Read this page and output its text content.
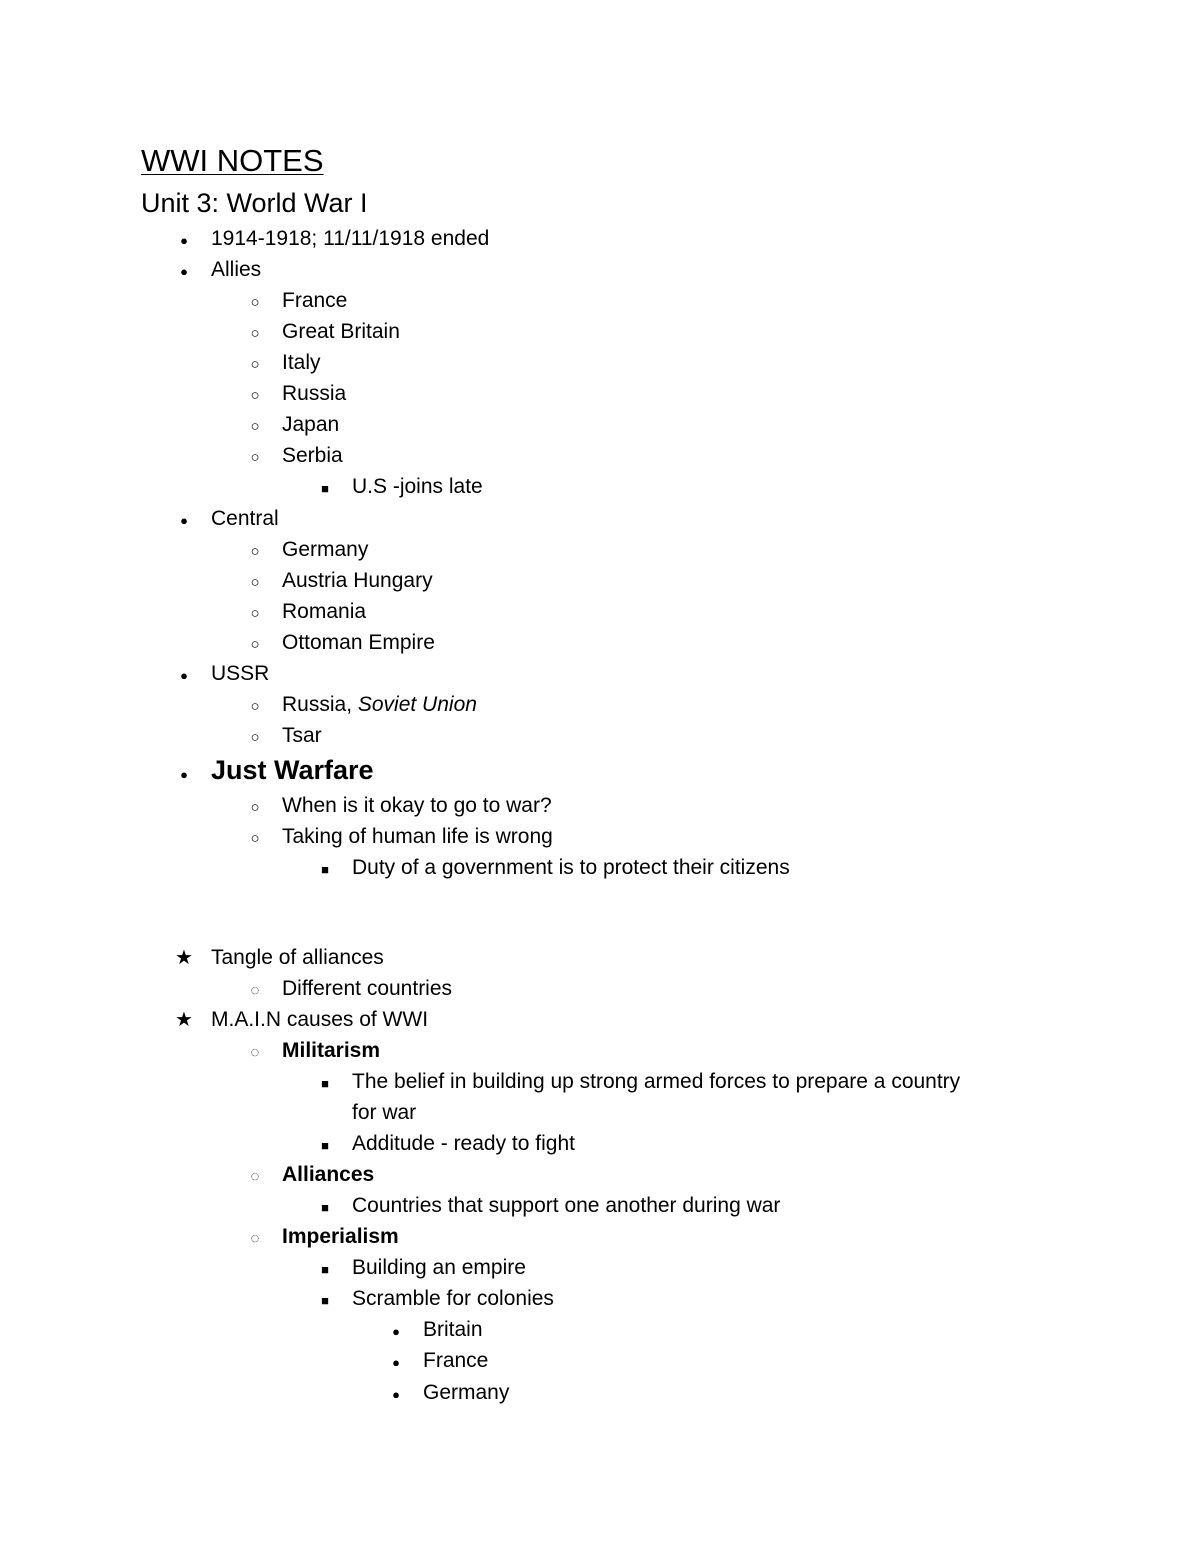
WWI NOTES
Unit 3: World War I
●
1914-1918; 11/11/1918 ended
●
Allies
○
France
○
Great Britain
○
Italy
○
Russia
○
Japan
○
Serbia
■
U.S -joins late
●
Central
○
Germany
○
Austria Hungary
○
Romania
○
Ottoman Empire
●
USSR
○
Russia, Soviet Union
○
Tsar
●
Just Warfare
○
When is it okay to go to war?
○
Taking of human life is wrong
■
Duty of a government is to protect their citizens
★
Tangle of alliances
◌
Different countries
★
M.A.I.N causes of WWI
◌
Militarism
■
The belief in building up strong armed forces to prepare a country
for war
■
Additude - ready to fight
◌
Alliances
■
Countries that support one another during war
◌
Imperialism
■
Building an empire
■
Scramble for colonies
●
Britain
●
France
●
Germany
